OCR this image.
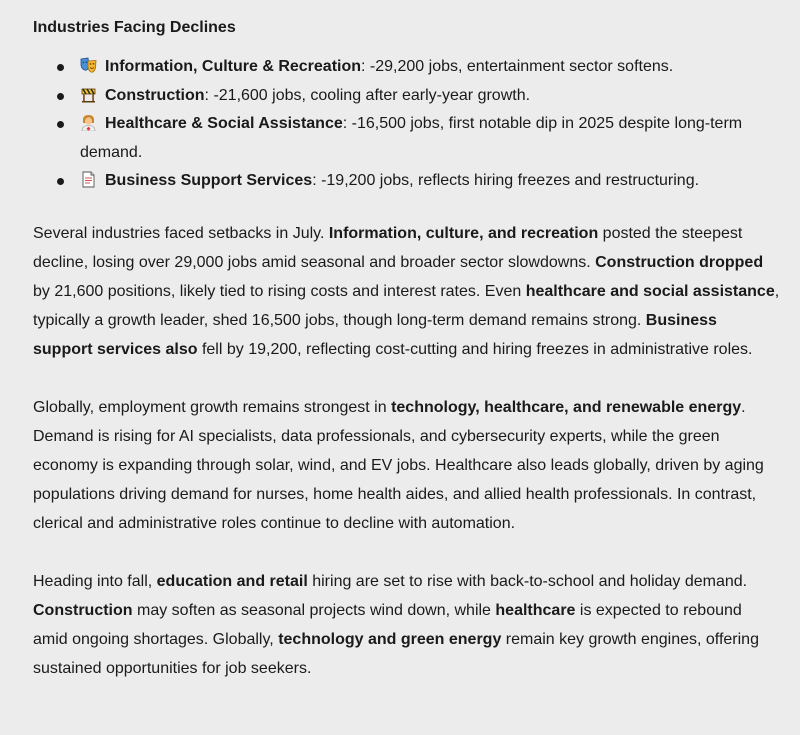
Industries Facing Declines
Information, Culture & Recreation: -29,200 jobs, entertainment sector softens.
Construction: -21,600 jobs, cooling after early-year growth.
Healthcare & Social Assistance: -16,500 jobs, first notable dip in 2025 despite long-term demand.
Business Support Services: -19,200 jobs, reflects hiring freezes and restructuring.

Several industries faced setbacks in July. Information, culture, and recreation posted the steepest decline, losing over 29,000 jobs amid seasonal and broader sector slowdowns. Construction dropped by 21,600 positions, likely tied to rising costs and interest rates. Even healthcare and social assistance, typically a growth leader, shed 16,500 jobs, though long-term demand remains strong. Business support services also fell by 19,200, reflecting cost-cutting and hiring freezes in administrative roles.

Globally, employment growth remains strongest in technology, healthcare, and renewable energy. Demand is rising for AI specialists, data professionals, and cybersecurity experts, while the green economy is expanding through solar, wind, and EV jobs. Healthcare also leads globally, driven by aging populations driving demand for nurses, home health aides, and allied health professionals. In contrast, clerical and administrative roles continue to decline with automation.

Heading into fall, education and retail hiring are set to rise with back-to-school and holiday demand. Construction may soften as seasonal projects wind down, while healthcare is expected to rebound amid ongoing shortages. Globally, technology and green energy remain key growth engines, offering sustained opportunities for job seekers.
